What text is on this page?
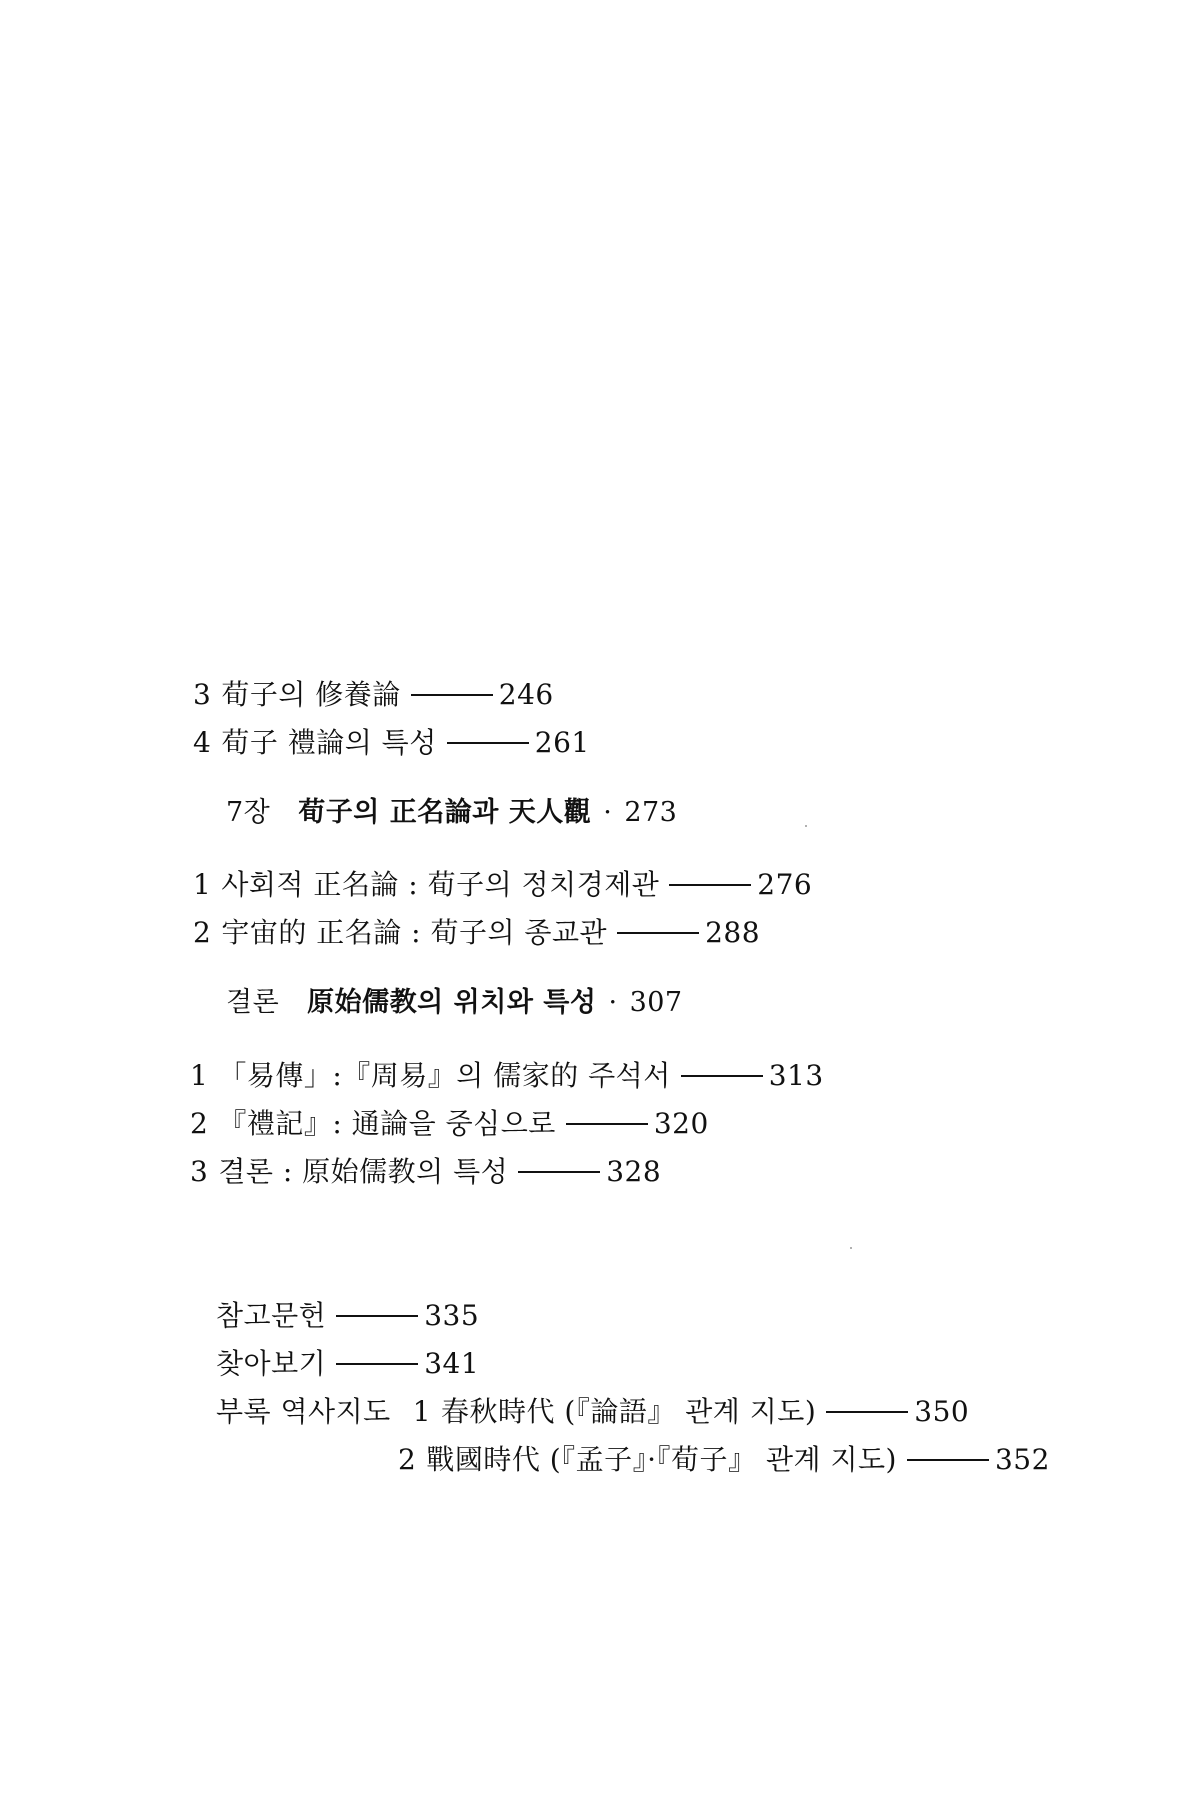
3 荀子의 修養論	246
4 荀子 禮論의 특성	261
7장 荀子의 正名論과 天人觀 · 273
1 사회적 正名論 : 荀子의 정치경제관	276
2 宇宙的 正名論 : 荀子의 종교관	288
결론 原始儒教의 위치와 특성 · 307
1 「易傳」:『周易』의 儒家的 주석서	313
2 『禮記』: 通論을 중심으로	320
3 결론 : 原始儒教의 특성	328
참고문헌	335
찾아보기	341
부록 역사지도 1 春秋時代 (『論語』 관계 지도)	350
2 戰國時代 (『孟子』·『荀子』 관계 지도)	352
